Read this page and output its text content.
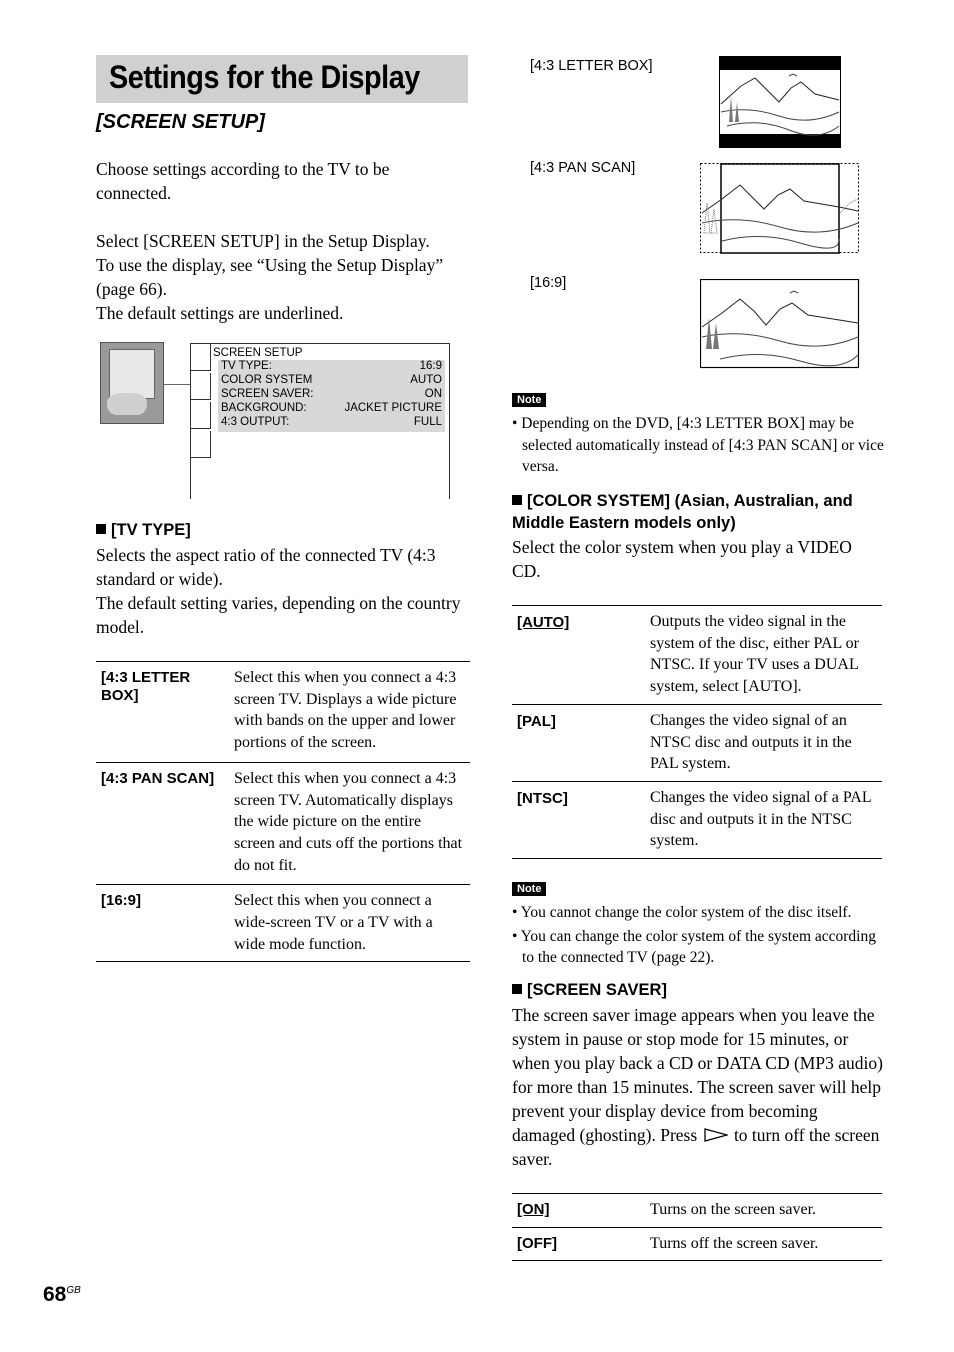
Settings for the Display
[SCREEN SETUP]

Choose settings according to the TV to be connected.

Select [SCREEN SETUP] in the Setup Display.

To use the display, see “Using the Setup Display” (page 66).

The default settings are underlined.

SCREEN SETUP
TV TYPE:	16:9
COLOR SYSTEM	AUTO
SCREEN SAVER:	ON
BACKGROUND:	JACKET PICTURE
4:3 OUTPUT:	FULL
[TV TYPE]

Selects the aspect ratio of the connected TV (4:3 standard or wide).

The default setting varies, depending on the country model.

[4:3 LETTER BOX]	Select this when you connect a 4:3 screen TV. Displays a wide picture with bands on the upper and lower portions of the screen.
[4:3 PAN SCAN]	Select this when you connect a 4:3 screen TV. Automatically displays the wide picture on the entire screen and cuts off the portions that do not fit.
[16:9]	Select this when you connect a wide-screen TV or a TV with a wide mode function.
$68^{GB}$
[4:3 LETTER BOX]
[4:3 PAN SCAN]
[16:9]
Note
• Depending on the DVD, [4:3 LETTER BOX] may be selected automatically instead of [4:3 PAN SCAN] or vice versa.
[COLOR SYSTEM] (Asian, Australian, and Middle Eastern models only)

Select the color system when you play a VIDEO CD.

[AUTO]	Outputs the video signal in the system of the disc, either PAL or NTSC. If your TV uses a DUAL system, select [AUTO].
[PAL]	Changes the video signal of an NTSC disc and outputs it in the PAL system.
[NTSC]	Changes the video signal of a PAL disc and outputs it in the NTSC system.
Note
• You cannot change the color system of the disc itself.
• You can change the color system of the system according to the connected TV (page 22).
[SCREEN SAVER]
The screen saver image appears when you leave the system in pause or stop mode for 15 minutes, or when you play back a CD or DATA CD (MP3 audio) for more than 15 minutes. The screen saver will help prevent your display device from becoming damaged (ghosting). Press to turn off the screen saver.
[ON]	Turns on the screen saver.
[OFF]	Turns off the screen saver.
